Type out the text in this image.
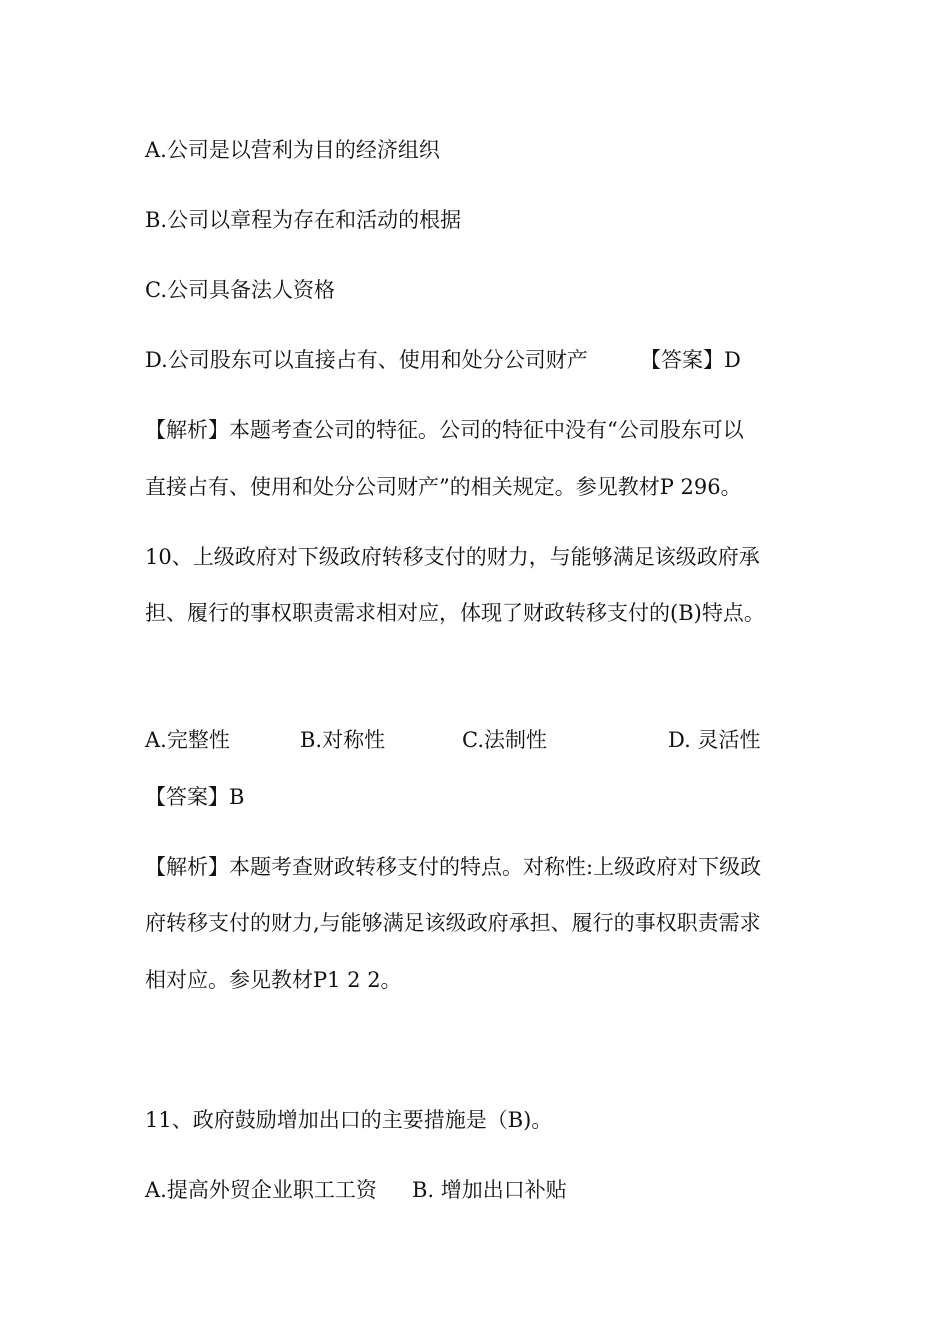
A.公司是以营利为目的经济组织
B.公司以章程为存在和活动的根据
C.公司具备法人资格
D.公司股东可以直接占有、使用和处分公司财产 【答案】D
【解析】本题考查公司的特征。公司的特征中没有“公司股东可以
直接占有、使用和处分公司财产”的相关规定。参见教材P 296。
10、上级政府对下级政府转移支付的财力，与能够满足该级政府承
担、履行的事权职责需求相对应，体现了财政转移支付的(B)特点。
A.完整性	B.对称性	C.法制性	D. 灵活性
【答案】B
【解析】本题考查财政转移支付的特点。对称性:上级政府对下级政
府转移支付的财力,与能够满足该级政府承担、履行的事权职责需求
相对应。参见教材P1 2 2。
11、政府鼓励增加出口的主要措施是（B)。
A.提高外贸企业职工工资 B. 增加出口补贴
